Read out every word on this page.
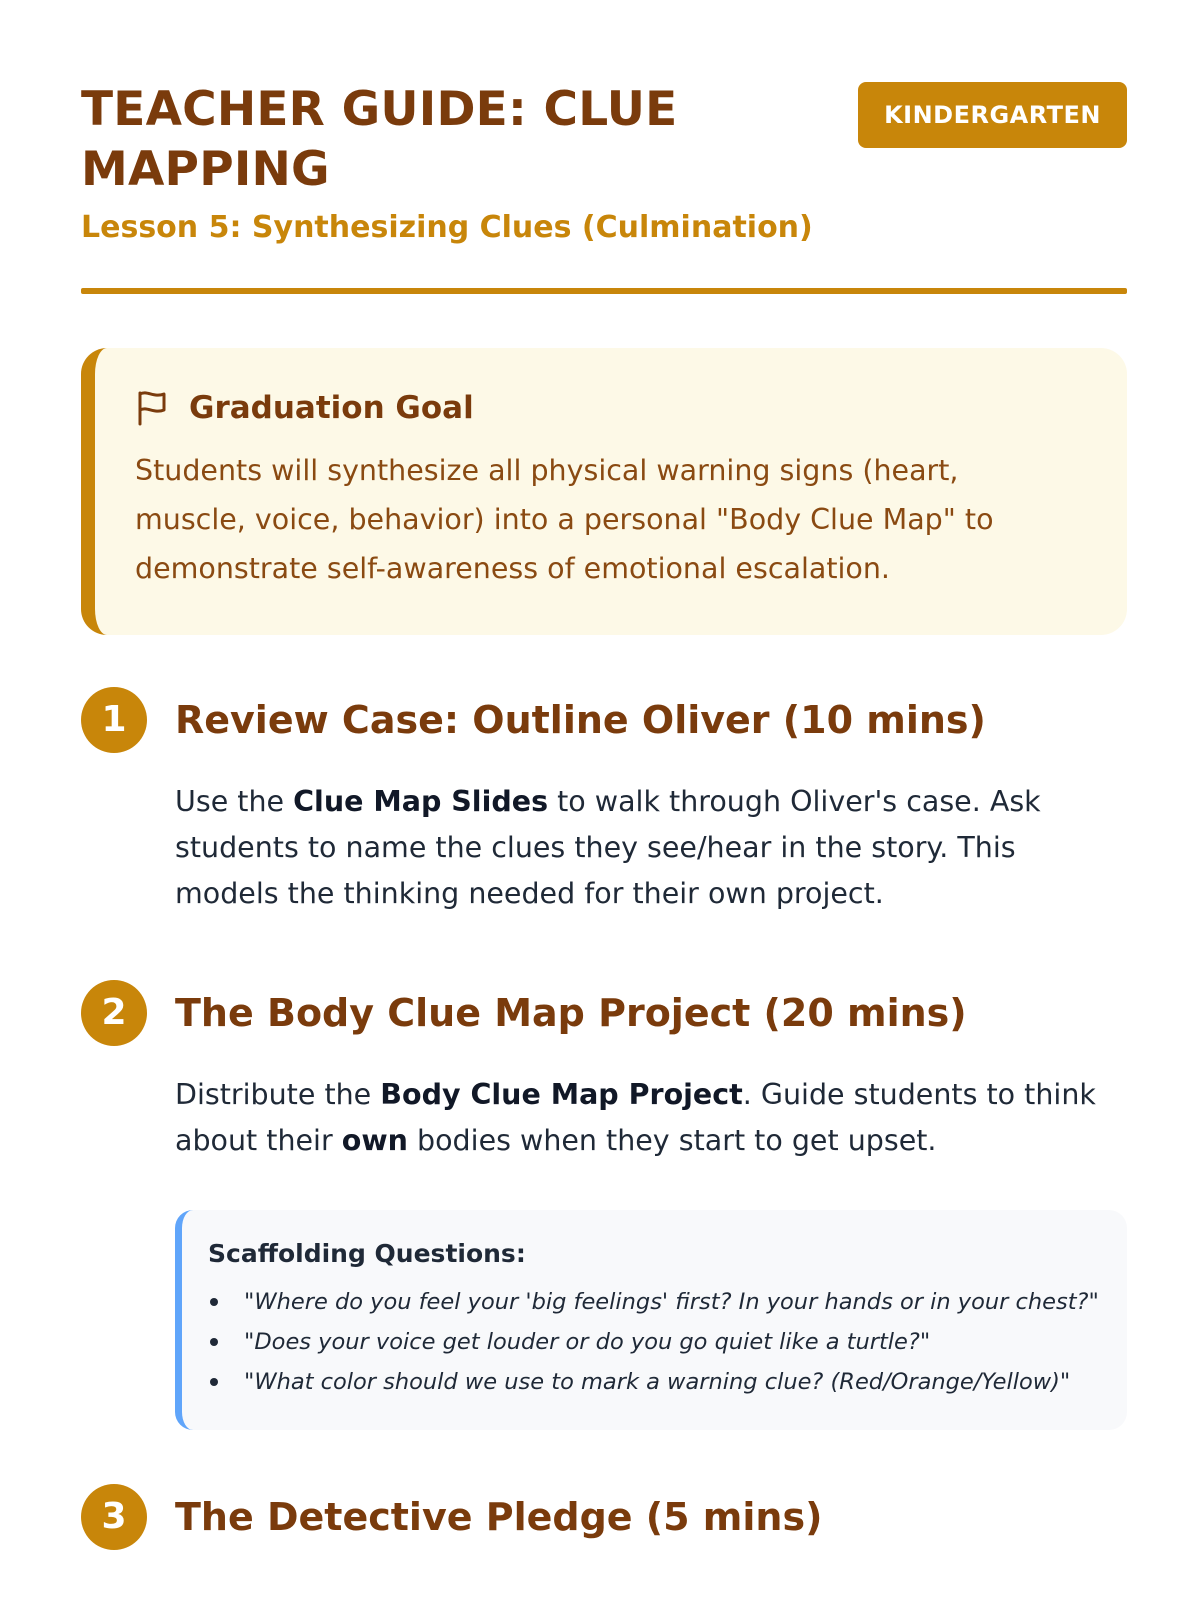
TEACHER GUIDE: CLUE MAPPING
Lesson 5: Synthesizing Clues (Culmination)
KINDERGARTEN
Graduation Goal

Students will synthesize all physical warning signs (heart, muscle, voice, behavior) into a personal "Body Clue Map" to demonstrate self-awareness of emotional escalation.

1	Review Case: Outline Oliver (10 mins)

Use the Clue Map Slides to walk through Oliver's case. Ask students to name the clues they see/hear in the story. This models the thinking needed for their own project.

2	The Body Clue Map Project (20 mins)

Distribute the Body Clue Map Project. Guide students to think about their own bodies when they start to get upset.

Scaffolding Questions:
"Where do you feel your 'big feelings' first? In your hands or in your chest?"
"Does your voice get louder or do you go quiet like a turtle?"
"What color should we use to mark a warning clue? (Red/Orange/Yellow)"
3	The Detective Pledge (5 mins)
